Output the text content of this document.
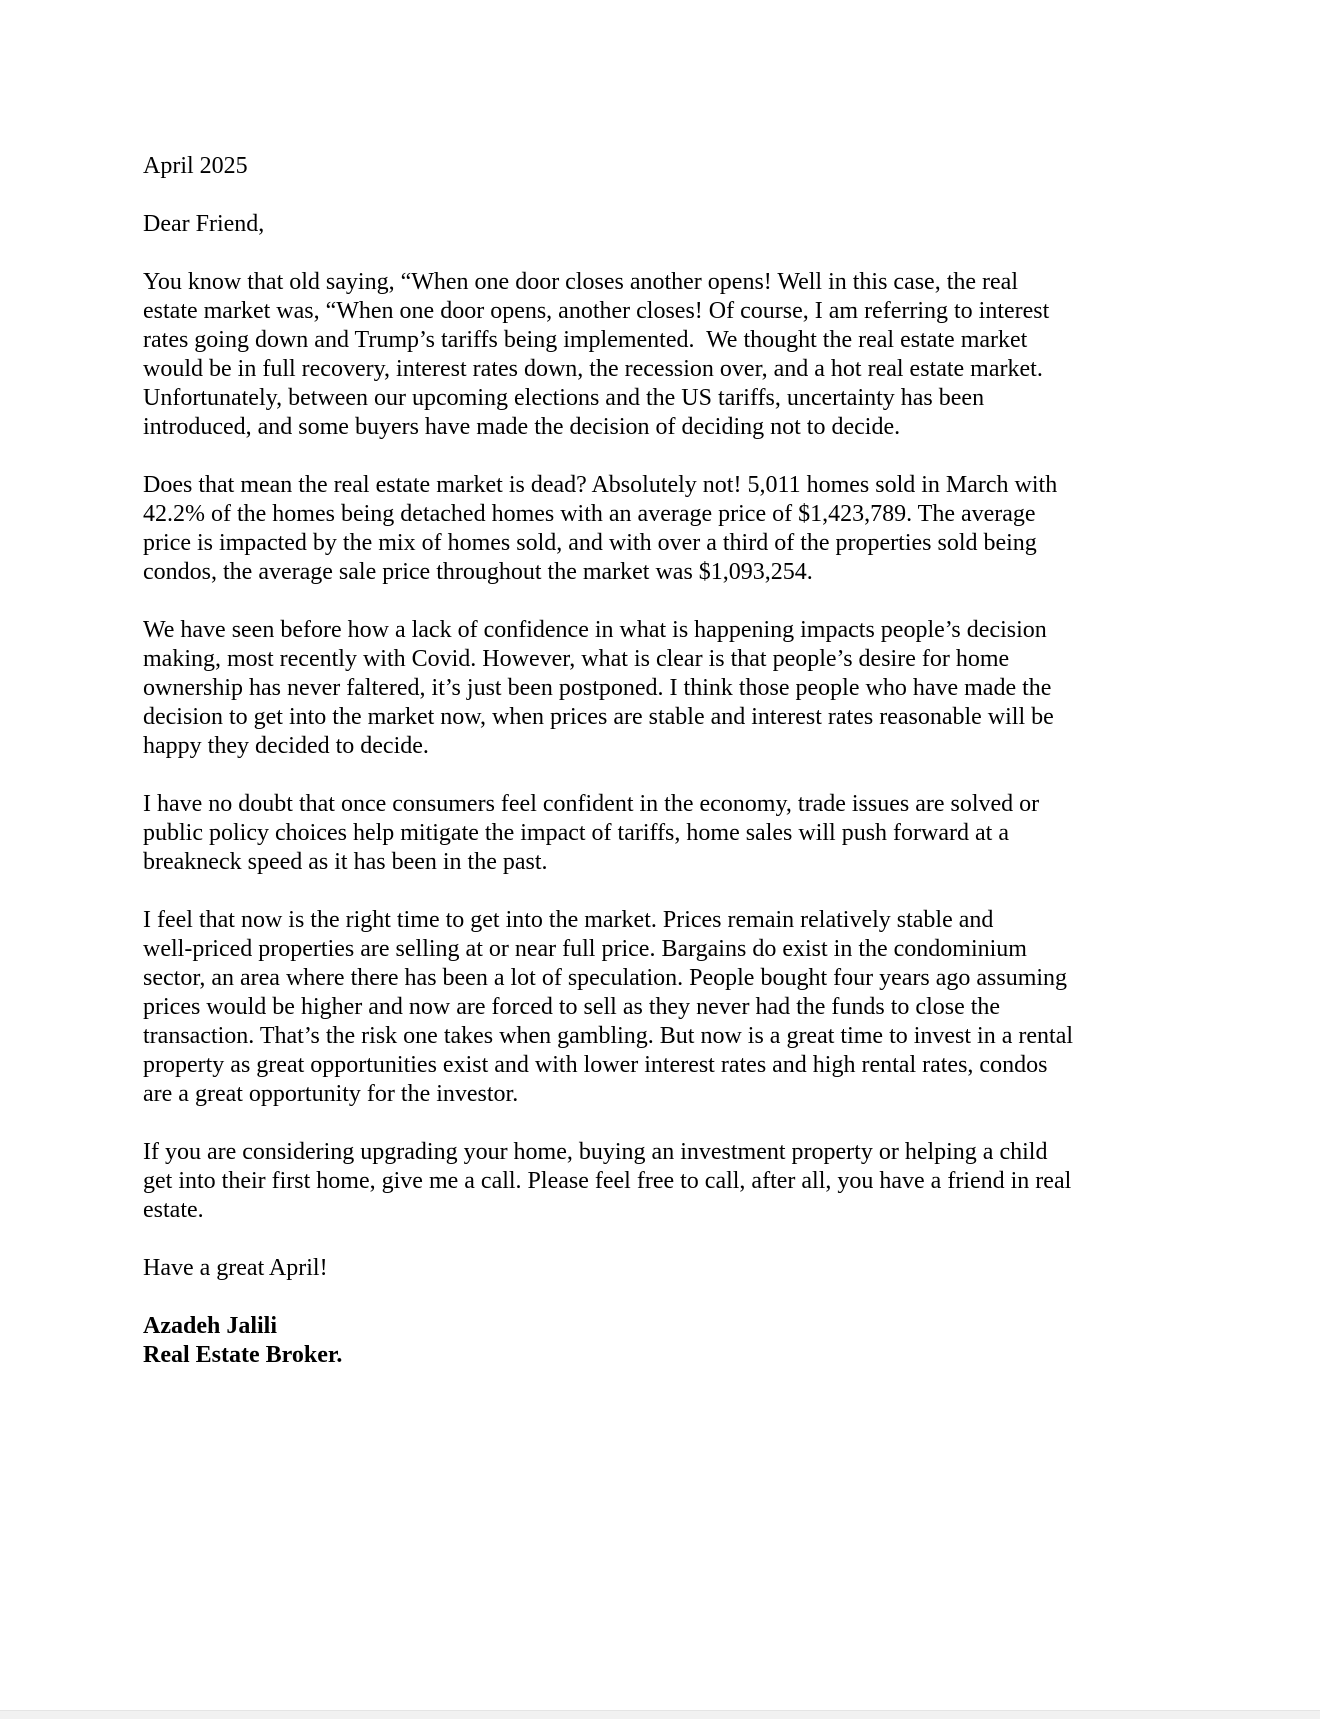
April 2025
Dear Friend,
You know that old saying, “When one door closes another opens! Well in this case, the real
estate market was, “When one door opens, another closes! Of course, I am referring to interest
rates going down and Trump’s tariffs being implemented.  We thought the real estate market
would be in full recovery, interest rates down, the recession over, and a hot real estate market.
Unfortunately, between our upcoming elections and the US tariffs, uncertainty has been
introduced, and some buyers have made the decision of deciding not to decide.
Does that mean the real estate market is dead? Absolutely not! 5,011 homes sold in March with
42.2% of the homes being detached homes with an average price of $1,423,789. The average
price is impacted by the mix of homes sold, and with over a third of the properties sold being
condos, the average sale price throughout the market was $1,093,254.
We have seen before how a lack of confidence in what is happening impacts people’s decision
making, most recently with Covid. However, what is clear is that people’s desire for home
ownership has never faltered, it’s just been postponed. I think those people who have made the
decision to get into the market now, when prices are stable and interest rates reasonable will be
happy they decided to decide.
I have no doubt that once consumers feel confident in the economy, trade issues are solved or
public policy choices help mitigate the impact of tariffs, home sales will push forward at a
breakneck speed as it has been in the past.
I feel that now is the right time to get into the market. Prices remain relatively stable and
well-priced properties are selling at or near full price. Bargains do exist in the condominium
sector, an area where there has been a lot of speculation. People bought four years ago assuming
prices would be higher and now are forced to sell as they never had the funds to close the
transaction. That’s the risk one takes when gambling. But now is a great time to invest in a rental
property as great opportunities exist and with lower interest rates and high rental rates, condos
are a great opportunity for the investor.
If you are considering upgrading your home, buying an investment property or helping a child
get into their first home, give me a call. Please feel free to call, after all, you have a friend in real
estate.
Have a great April!
Azadeh Jalili
Real Estate Broker.
